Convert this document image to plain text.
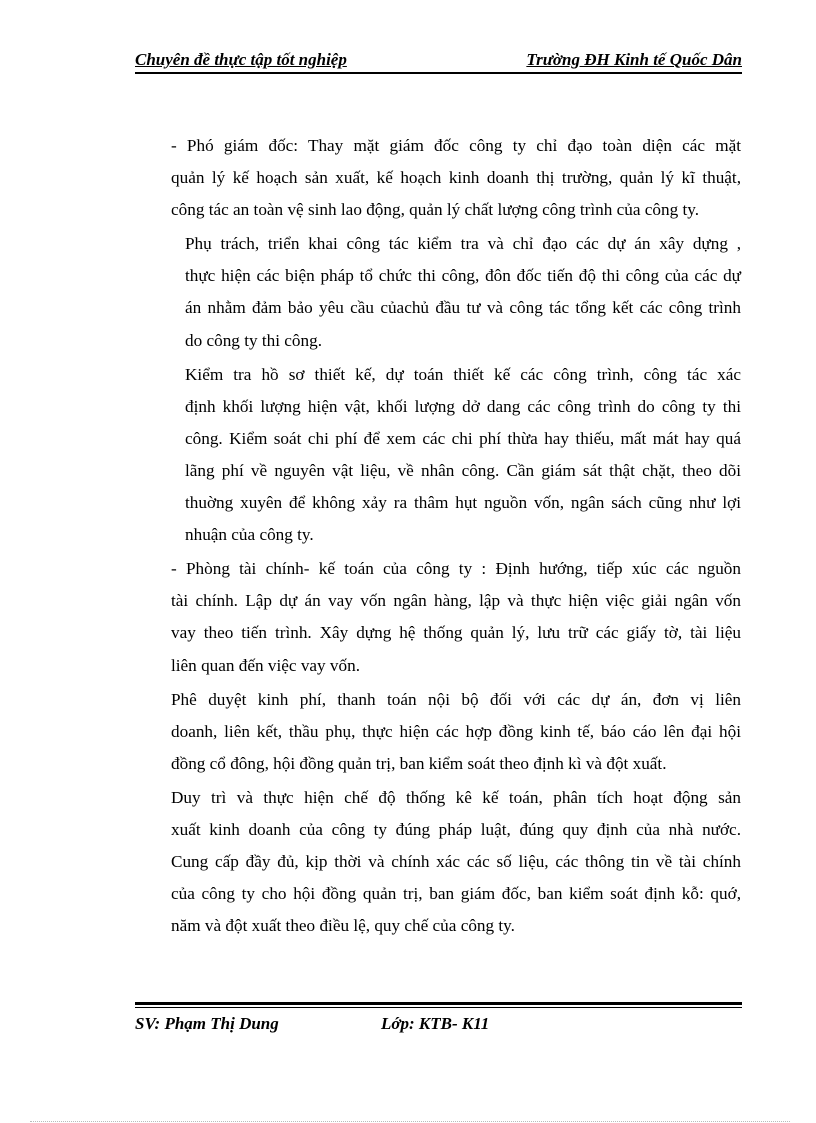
Chuyên đề thực tập tốt nghiệp	Trường ĐH Kinh tế Quốc Dân
- Phó giám đốc: Thay mặt giám đốc công ty chỉ đạo toàn diện các mặt
quản lý kế hoạch sản xuất, kế hoạch kinh doanh thị trường, quản lý kĩ thuật,
công tác an toàn vệ sinh lao động, quản lý chất lượng công trình của công ty.
Phụ trách, triển khai công tác kiểm tra và chỉ đạo các dự án xây dựng ,
thực hiện các biện pháp tổ chức thi công, đôn đốc tiến độ thi công của các dự
án nhằm đảm bảo yêu cầu củachủ đầu tư và công tác tổng kết các công trình
do công ty thi công.
Kiểm tra hồ sơ thiết kế, dự toán thiết kế các công trình, công tác xác
định khối lượng hiện vật, khối lượng dở dang các công trình do công ty thi
công. Kiểm soát chi phí để xem các chi phí thừa hay thiếu, mất mát hay quá
lãng phí về nguyên vật liệu, về nhân công. Cần giám sát thật chặt, theo dõi
thuờng xuyên để không xảy ra thâm hụt nguồn vốn, ngân sách cũng như lợi
nhuận của công ty.
- Phòng tài chính- kế toán của công ty : Định hướng, tiếp xúc các nguồn
tài chính. Lập dự án vay vốn ngân hàng, lập và thực hiện việc giải ngân vốn
vay theo tiến trình. Xây dựng hệ thống quản lý, lưu trữ các giấy tờ, tài liệu
liên quan đến việc vay vốn.
Phê duyệt kinh phí, thanh toán nội bộ đối với các dự án, đơn vị liên
doanh, liên kết, thầu phụ, thực hiện các hợp đồng kinh tế, báo cáo lên đại hội
đồng cổ đông, hội đồng quản trị, ban kiểm soát theo định kì và đột xuất.
Duy trì và thực hiện chế độ thống kê kế toán, phân tích hoạt động sản
xuất kinh doanh của công ty đúng pháp luật, đúng quy định của nhà nước.
Cung cấp đầy đủ, kịp thời và chính xác các số liệu, các thông tin về tài chính
của công ty cho hội đồng quản trị, ban giám đốc, ban kiểm soát định kỗ: quớ,
năm và đột xuất theo điều lệ, quy chế của công ty.
SV: Phạm Thị Dung	Lớp: KTB- K11
